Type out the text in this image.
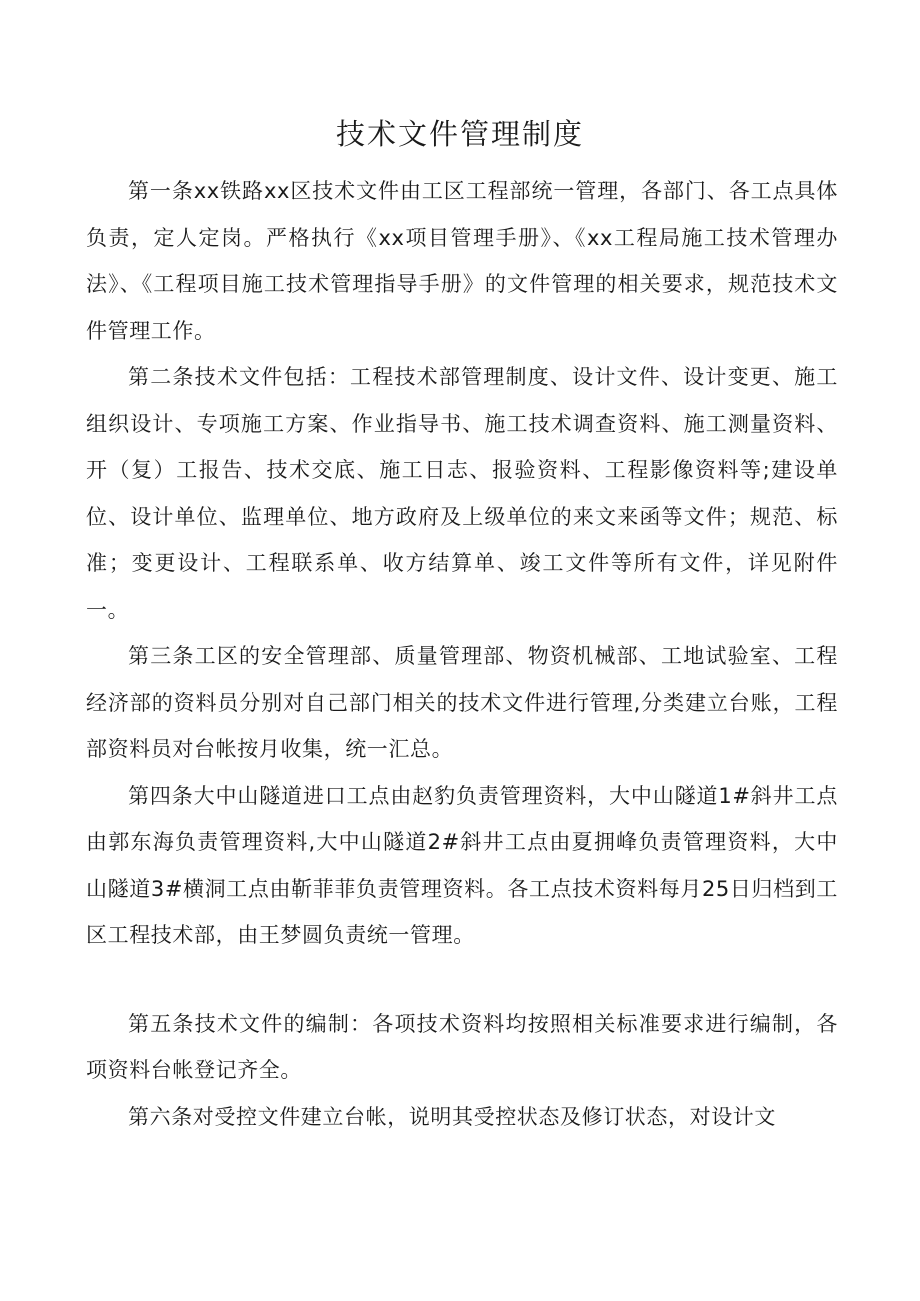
技术文件管理制度

第一条xx铁路xx区技术文件由工区工程部统一管理，各部门、各工点具体负责，定人定岗。严格执行《xx项目管理手册》、《xx工程局施工技术管理办法》、《工程项目施工技术管理指导手册》的文件管理的相关要求，规范技术文件管理工作。

第二条技术文件包括：工程技术部管理制度、设计文件、设计变更、施工组织设计、专项施工方案、作业指导书、施工技术调查资料、施工测量资料、开（复）工报告、技术交底、施工日志、报验资料、工程影像资料等;建设单位、设计单位、监理单位、地方政府及上级单位的来文来函等文件；规范、标准；变更设计、工程联系单、收方结算单、竣工文件等所有文件，详见附件一。

第三条工区的安全管理部、质量管理部、物资机械部、工地试验室、工程经济部的资料员分别对自己部门相关的技术文件进行管理,分类建立台账，工程部资料员对台帐按月收集，统一汇总。

第四条大中山隧道进口工点由赵豹负责管理资料，大中山隧道1#斜井工点由郭东海负责管理资料,大中山隧道2#斜井工点由夏拥峰负责管理资料，大中山隧道3#横洞工点由靳菲菲负责管理资料。各工点技术资料每月25日归档到工区工程技术部，由王梦圆负责统一管理。

第五条技术文件的编制：各项技术资料均按照相关标准要求进行编制，各项资料台帐登记齐全。

第六条对受控文件建立台帐，说明其受控状态及修订状态，对设计文
